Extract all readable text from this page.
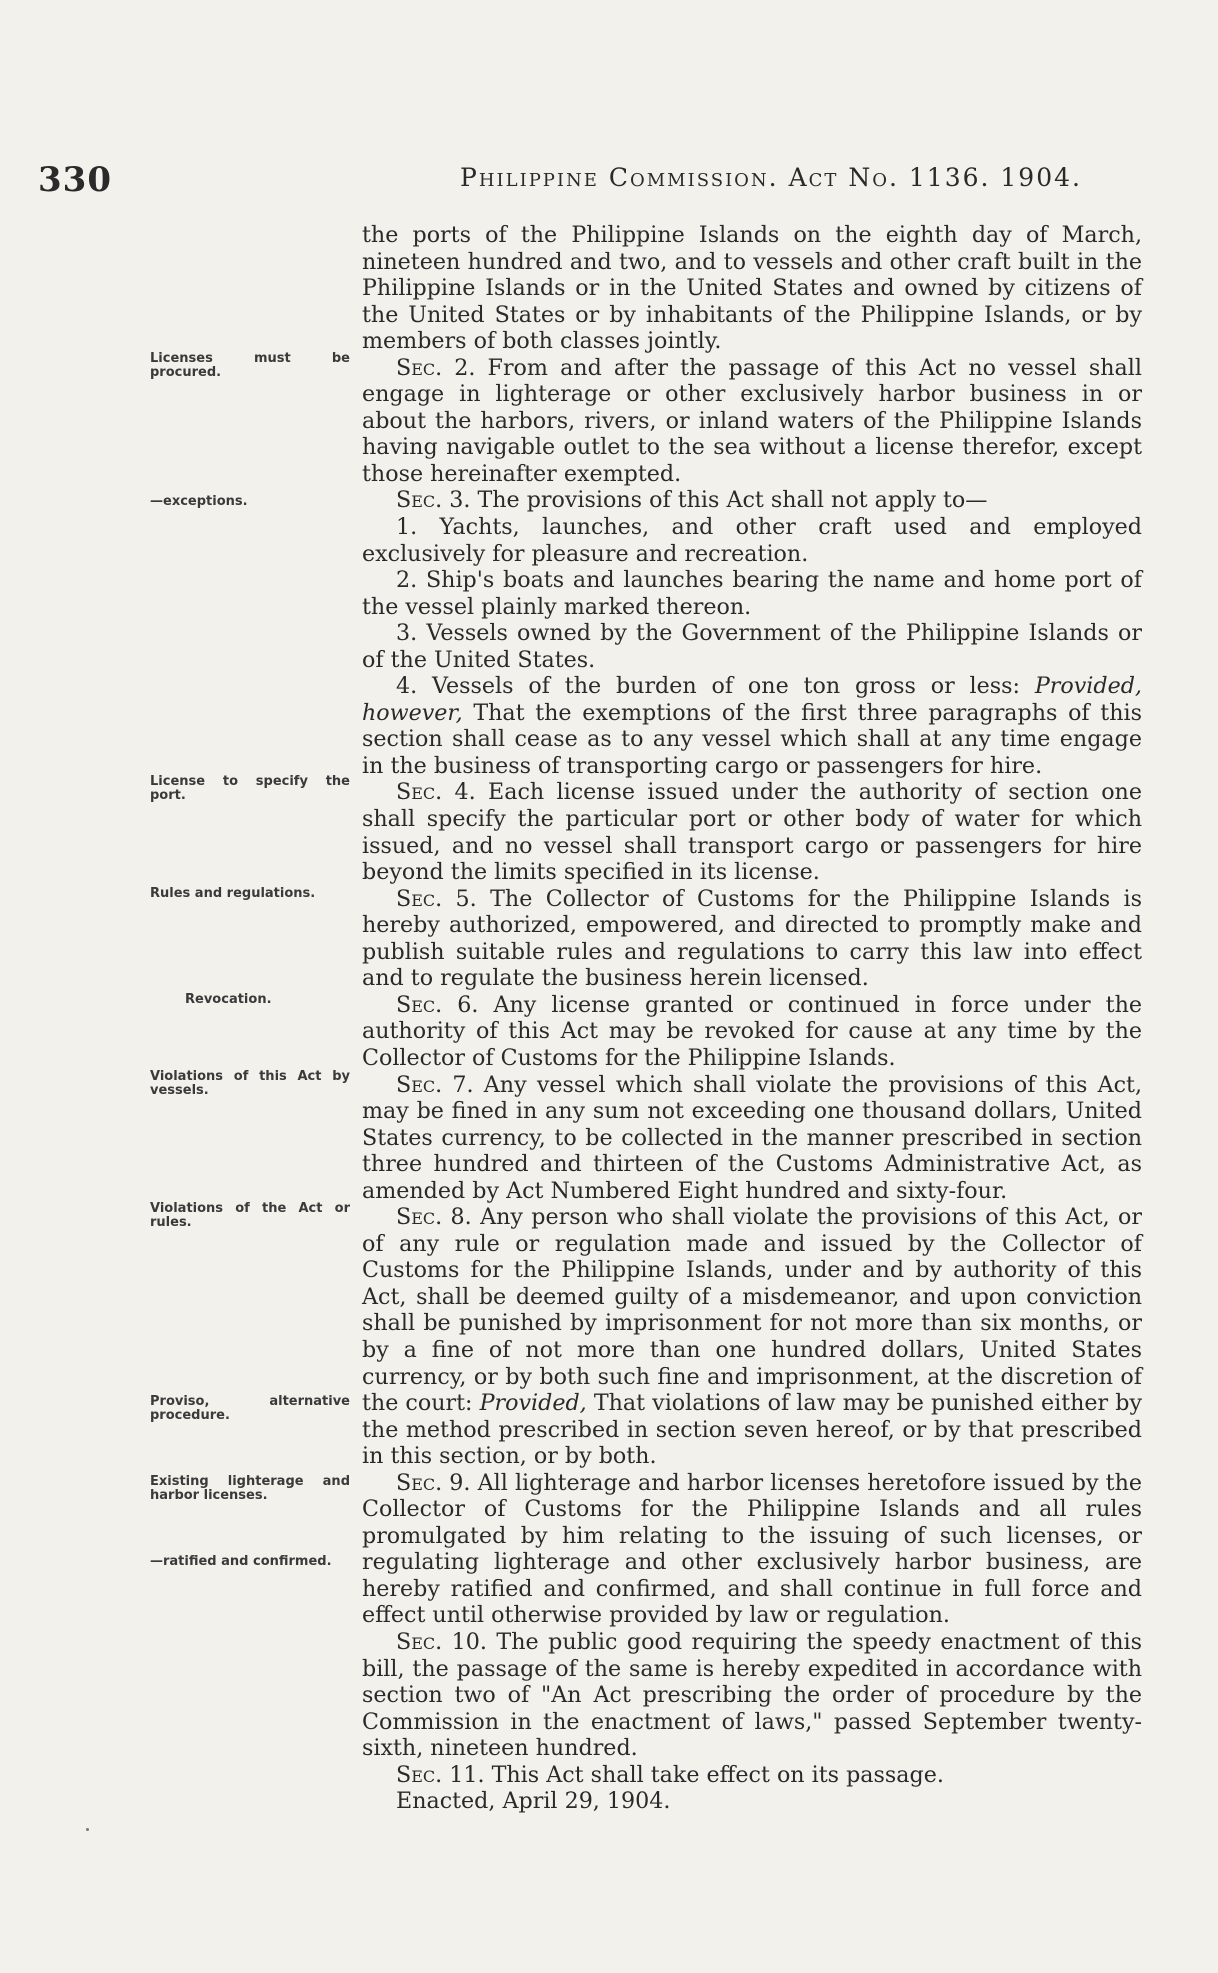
330	Philippine Commission. Act No. 1136. 1904.
Licenses must be procured.
—exceptions.
License to specify the port.
Rules and regulations.
Revocation.
Violations of this Act by vessels.
Violations of the Act or rules.
Proviso, alternative procedure.
Existing lighterage and harbor licenses.
—ratified and confirmed.

the ports of the Philippine Islands on the eighth day of March, nineteen hundred and two, and to vessels and other craft built in the Philippine Islands or in the United States and owned by citizens of the United States or by inhabitants of the Philippine Islands, or by members of both classes jointly.

Sec. 2. From and after the passage of this Act no vessel shall engage in lighterage or other exclusively harbor business in or about the harbors, rivers, or inland waters of the Philippine Islands having navigable outlet to the sea without a license therefor, except those hereinafter exempted.

Sec. 3. The provisions of this Act shall not apply to—

1. Yachts, launches, and other craft used and employed exclusively for pleasure and recreation.

2. Ship's boats and launches bearing the name and home port of the vessel plainly marked thereon.

3. Vessels owned by the Government of the Philippine Islands or of the United States.

4. Vessels of the burden of one ton gross or less: Provided, however, That the exemptions of the first three paragraphs of this section shall cease as to any vessel which shall at any time engage in the business of transporting cargo or passengers for hire.

Sec. 4. Each license issued under the authority of section one shall specify the particular port or other body of water for which issued, and no vessel shall transport cargo or passengers for hire beyond the limits specified in its license.

Sec. 5. The Collector of Customs for the Philippine Islands is hereby authorized, empowered, and directed to promptly make and publish suitable rules and regulations to carry this law into effect and to regulate the business herein licensed.

Sec. 6. Any license granted or continued in force under the authority of this Act may be revoked for cause at any time by the Collector of Customs for the Philippine Islands.

Sec. 7. Any vessel which shall violate the provisions of this Act, may be fined in any sum not exceeding one thousand dollars, United States currency, to be collected in the manner prescribed in section three hundred and thirteen of the Customs Administrative Act, as amended by Act Numbered Eight hundred and sixty-four.

Sec. 8. Any person who shall violate the provisions of this Act, or of any rule or regulation made and issued by the Collector of Customs for the Philippine Islands, under and by authority of this Act, shall be deemed guilty of a misdemeanor, and upon conviction shall be punished by imprisonment for not more than six months, or by a fine of not more than one hundred dollars, United States currency, or by both such fine and imprisonment, at the discretion of the court: Provided, That violations of law may be punished either by the method prescribed in section seven hereof, or by that prescribed in this section, or by both.

Sec. 9. All lighterage and harbor licenses heretofore issued by the Collector of Customs for the Philippine Islands and all rules promulgated by him relating to the issuing of such licenses, or regulating lighterage and other exclusively harbor business, are hereby ratified and confirmed, and shall continue in full force and effect until otherwise provided by law or regulation.

Sec. 10. The public good requiring the speedy enactment of this bill, the passage of the same is hereby expedited in accordance with section two of "An Act prescribing the order of procedure by the Commission in the enactment of laws," passed September twenty-sixth, nineteen hundred.

Sec. 11. This Act shall take effect on its passage.

Enacted, April 29, 1904.
